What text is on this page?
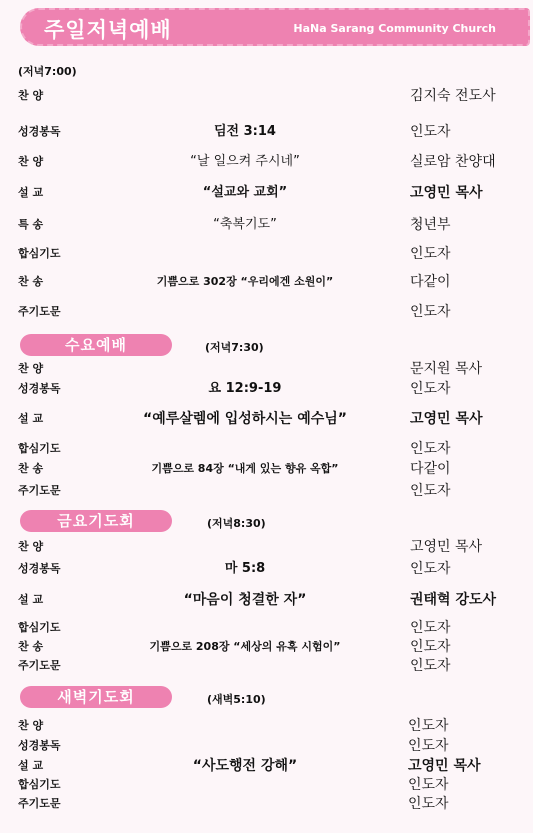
주일저녁예배	HaNa Sarang Community Church
(저녁7:00)
찬 양	김지숙 전도사
성경봉독	딤전 3:14	인도자
찬 양	“날 일으켜 주시네”	실로암 찬양대
설 교	“설교와 교회”	고영민 목사
특 송	“축복기도”	청년부
합심기도	인도자
찬 송	기쁨으로 302장 “우리에겐 소원이”	다같이
주기도문	인도자
수요예배	(저녁7:30)
찬 양	문지원 목사
성경봉독	요 12:9-19	인도자
설 교	“예루살렘에 입성하시는 예수님”	고영민 목사
합심기도	인도자
찬 송	기쁨으로 84장 “내게 있는 향유 옥합”	다같이
주기도문	인도자
금요기도회	(저녁8:30)
찬 양	고영민 목사
성경봉독	마 5:8	인도자
설 교	“마음이 청결한 자”	권태혁 강도사
합심기도	인도자
찬 송	기쁨으로 208장 “세상의 유혹 시험이”	인도자
주기도문	인도자
새벽기도회	(새벽5:10)
찬 양	인도자
성경봉독	인도자
설 교	“사도행전 강해”	고영민 목사
합심기도	인도자
주기도문	인도자
